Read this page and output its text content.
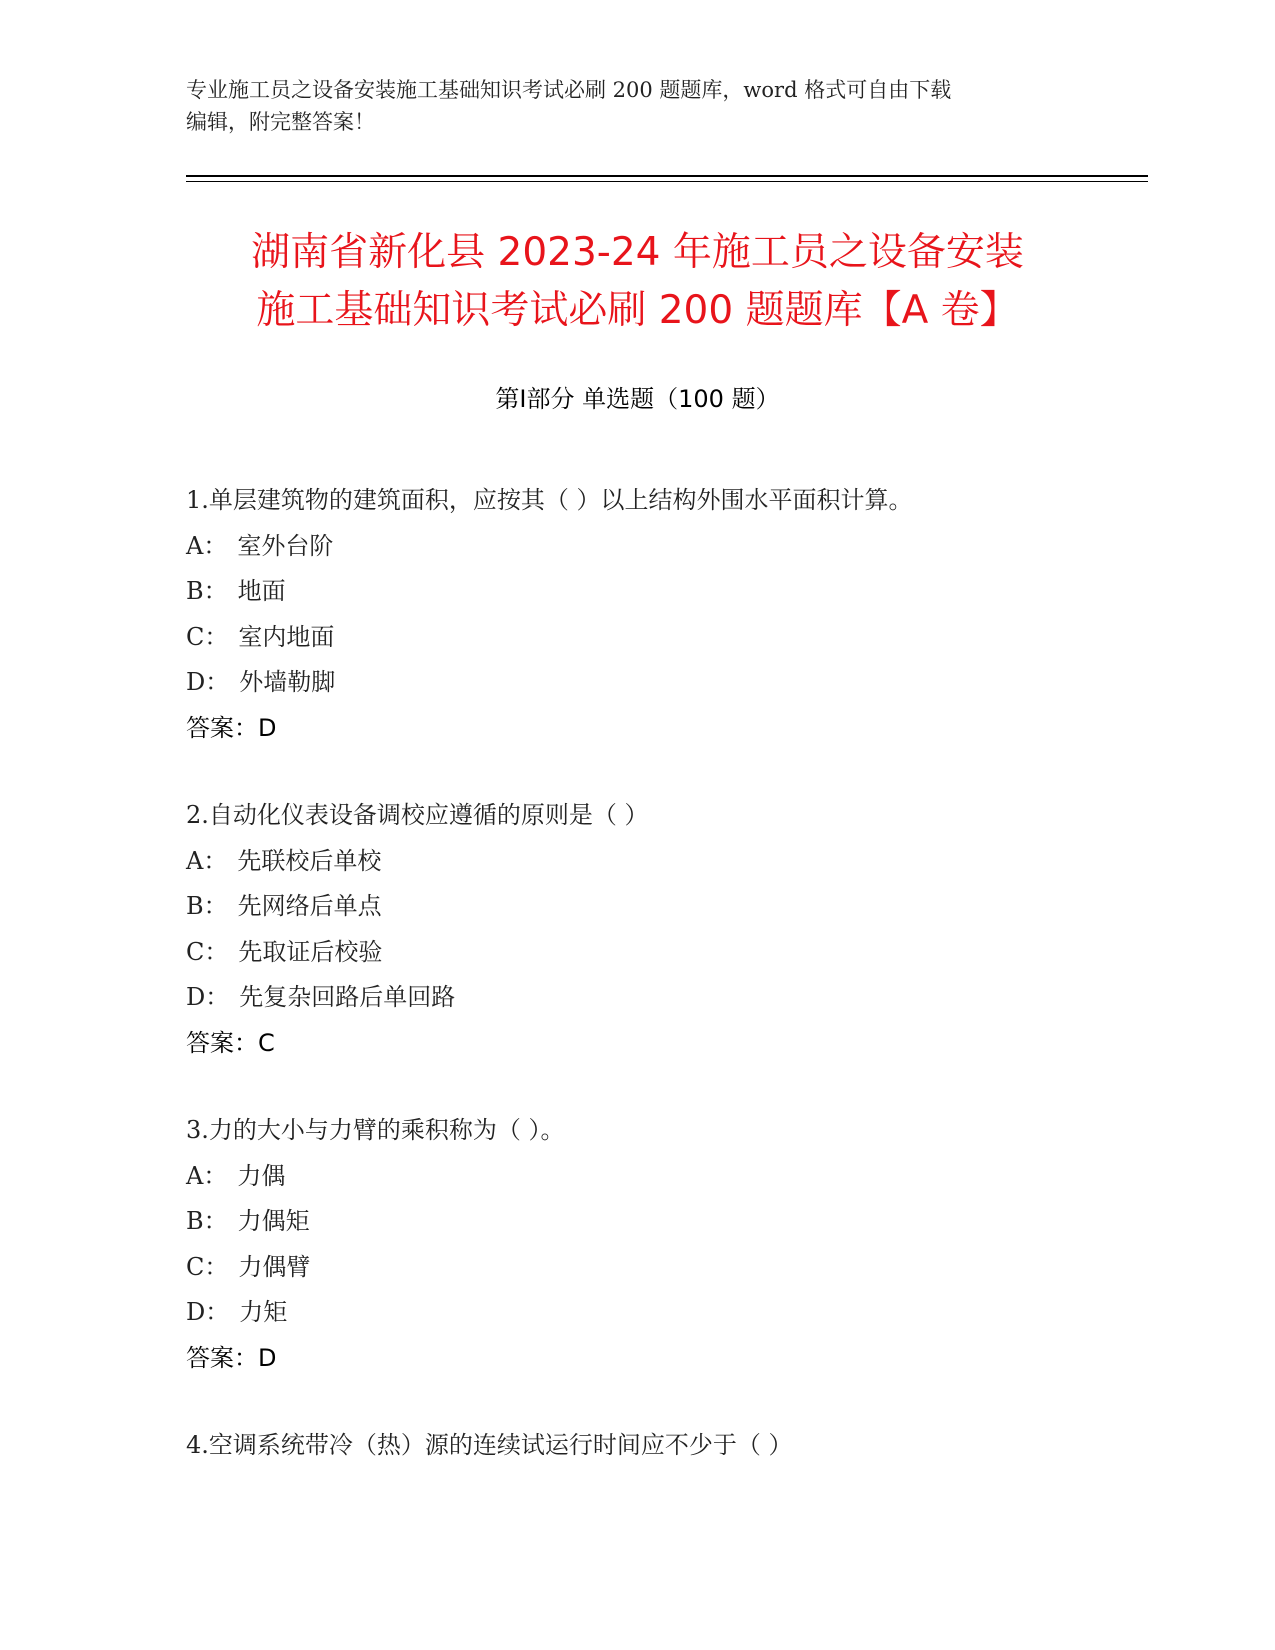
专业施工员之设备安装施工基础知识考试必刷 200 题题库，word 格式可自由下载
编辑，附完整答案！
湖南省新化县 2023-24 年施工员之设备安装
施工基础知识考试必刷 200 题题库【A 卷】
第Ⅰ部分 单选题（100 题）
1.单层建筑物的建筑面积，应按其（ ）以上结构外围水平面积计算。
A： 室外台阶
B： 地面
C： 室内地面
D： 外墙勒脚
答案：D
2.自动化仪表设备调校应遵循的原则是（ ）
A： 先联校后单校
B： 先网络后单点
C： 先取证后校验
D： 先复杂回路后单回路
答案：C
3.力的大小与力臂的乘积称为（ ）。
A： 力偶
B： 力偶矩
C： 力偶臂
D： 力矩
答案：D
4.空调系统带冷（热）源的连续试运行时间应不少于（ ）
